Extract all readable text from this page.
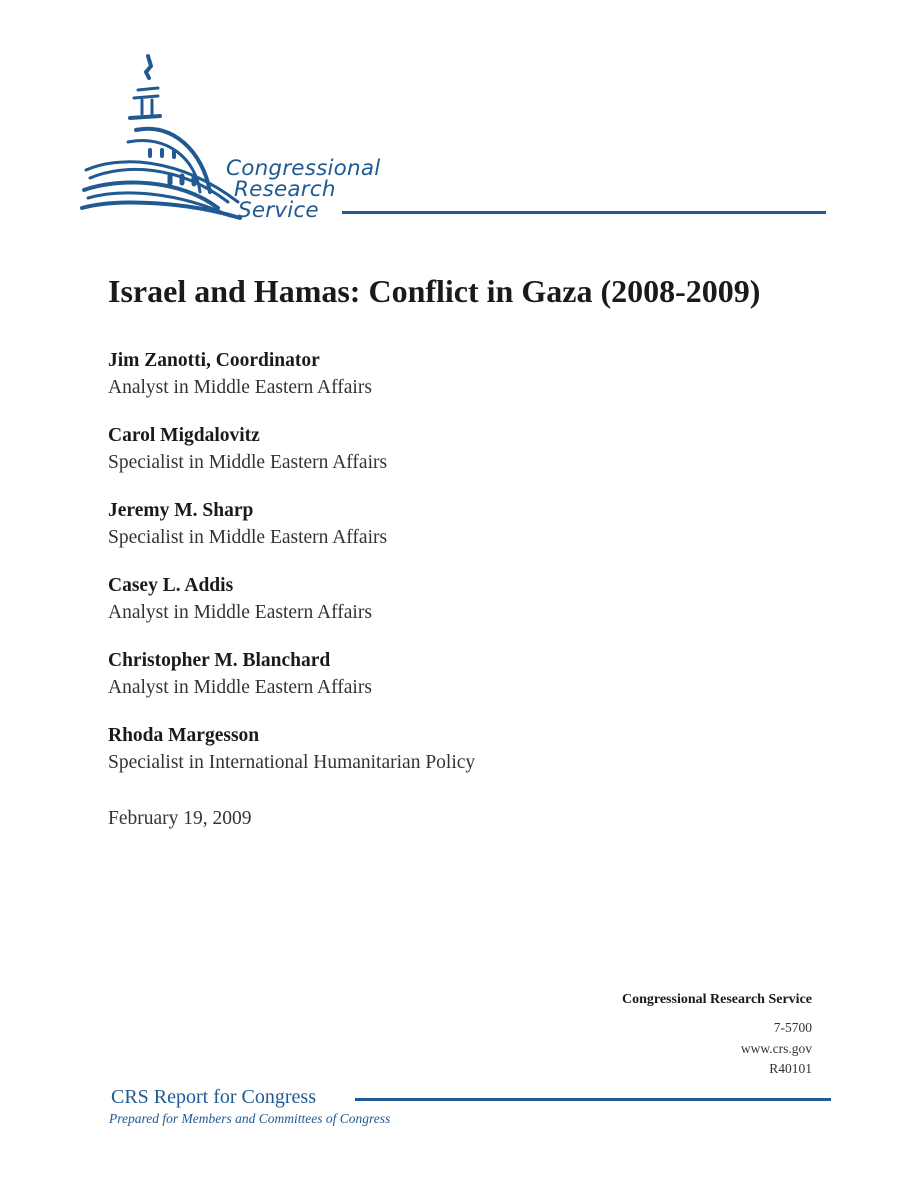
Congressional
Research
Service
Israel and Hamas: Conflict in Gaza (2008-2009)
Jim Zanotti, Coordinator
Analyst in Middle Eastern Affairs
Carol Migdalovitz
Specialist in Middle Eastern Affairs
Jeremy M. Sharp
Specialist in Middle Eastern Affairs
Casey L. Addis
Analyst in Middle Eastern Affairs
Christopher M. Blanchard
Analyst in Middle Eastern Affairs
Rhoda Margesson
Specialist in International Humanitarian Policy
February 19, 2009
Congressional Research Service
7-5700
www.crs.gov
R40101
CRS Report for Congress
Prepared for Members and Committees of Congress
